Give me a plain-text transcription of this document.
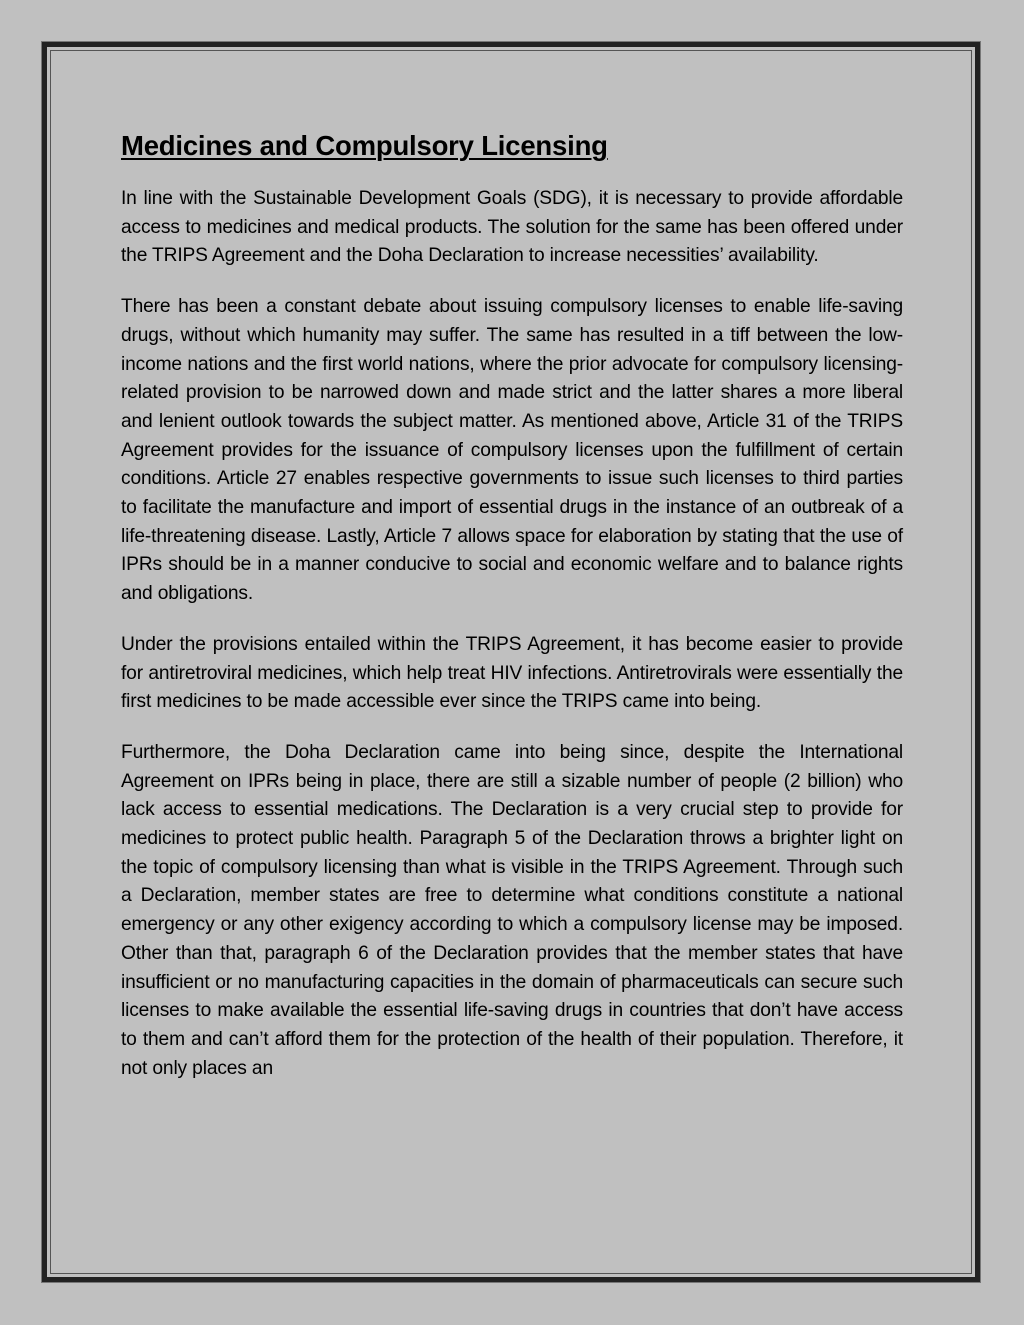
Medicines and Compulsory Licensing

In line with the Sustainable Development Goals (SDG), it is necessary to provide affordable access to medicines and medical products. The solution for the same has been offered under the TRIPS Agreement and the Doha Declaration to increase necessities’ availability.

There has been a constant debate about issuing compulsory licenses to enable life-saving drugs, without which humanity may suffer. The same has resulted in a tiff between the low-income nations and the first world nations, where the prior advocate for compulsory licensing-related provision to be narrowed down and made strict and the latter shares a more liberal and lenient outlook towards the subject matter. As mentioned above, Article 31 of the TRIPS Agreement provides for the issuance of compulsory licenses upon the fulfillment of certain conditions. Article 27 enables respective governments to issue such licenses to third parties to facilitate the manufacture and import of essential drugs in the instance of an outbreak of a life-threatening disease. Lastly, Article 7 allows space for elaboration by stating that the use of IPRs should be in a manner conducive to social and economic welfare and to balance rights and obligations.

Under the provisions entailed within the TRIPS Agreement, it has become easier to provide for antiretroviral medicines, which help treat HIV infections. Antiretrovirals were essentially the first medicines to be made accessible ever since the TRIPS came into being.

Furthermore, the Doha Declaration came into being since, despite the International Agreement on IPRs being in place, there are still a sizable number of people (2 billion) who lack access to essential medications. The Declaration is a very crucial step to provide for medicines to protect public health. Paragraph 5 of the Declaration throws a brighter light on the topic of compulsory licensing than what is visible in the TRIPS Agreement. Through such a Declaration, member states are free to determine what conditions constitute a national emergency or any other exigency according to which a compulsory license may be imposed. Other than that, paragraph 6 of the Declaration provides that the member states that have insufficient or no manufacturing capacities in the domain of pharmaceuticals can secure such licenses to make available the essential life-saving drugs in countries that don’t have access to them and can’t afford them for the protection of the health of their population. Therefore, it not only places an
